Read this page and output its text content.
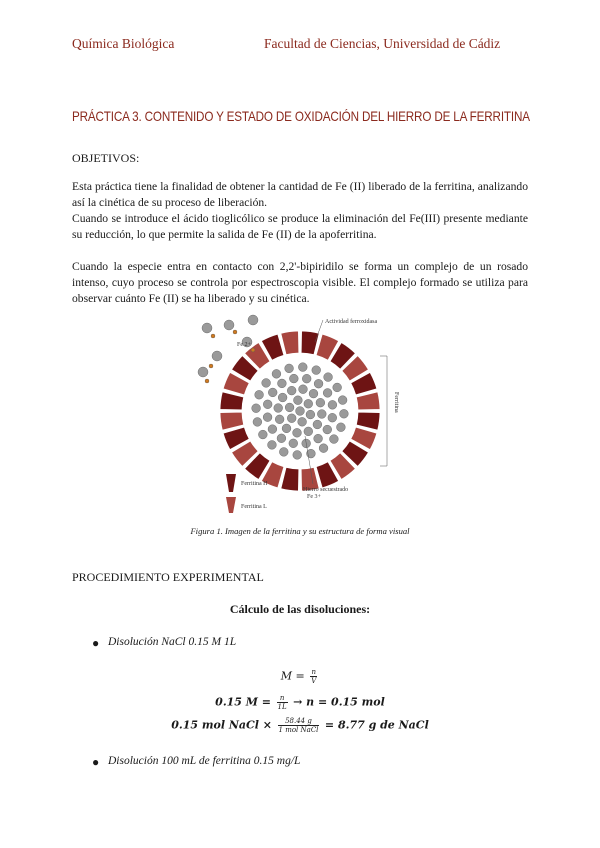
Química Biológica	Facultad de Ciencias, Universidad de Cádiz
PRÁCTICA 3. CONTENIDO Y ESTADO DE OXIDACIÓN DEL HIERRO DE LA FERRITINA
OBJETIVOS:
Esta práctica tiene la finalidad de obtener la cantidad de Fe (II) liberado de la ferritina, analizando así la cinética de su proceso de liberación.
Cuando se introduce el ácido tioglicólico se produce la eliminación del Fe(III) presente mediante su reducción, lo que permite la salida de Fe (II) de la apoferritina.
Cuando la especie entra en contacto con 2,2'-bipiridilo se forma un complejo de un rosado intenso, cuyo proceso se controla por espectroscopia visible. El complejo formado se utiliza para observar cuánto Fe (II) se ha liberado y su cinética.
Fe 2+
Actividad ferroxidasa
Ferritina
Hierro secuestrado
Fe 3+
Ferritina H
Ferritina L
Figura 1. Imagen de la ferritina y su estructura de forma visual
PROCEDIMIENTO EXPERIMENTAL
Cálculo de las disoluciones:
● Disolución NaCl 0.15 M 1L
$M = \frac{n}{V}$
0.15 $M = \frac{n}{1L} \to n = 0.15$ mol
0.15 mol NaCl × $\frac{58.44 g}{\text{1 mol NaCl}} = 8.77$ g de NaCl
● Disolución 100 mL de ferritina 0.15 mg/L
